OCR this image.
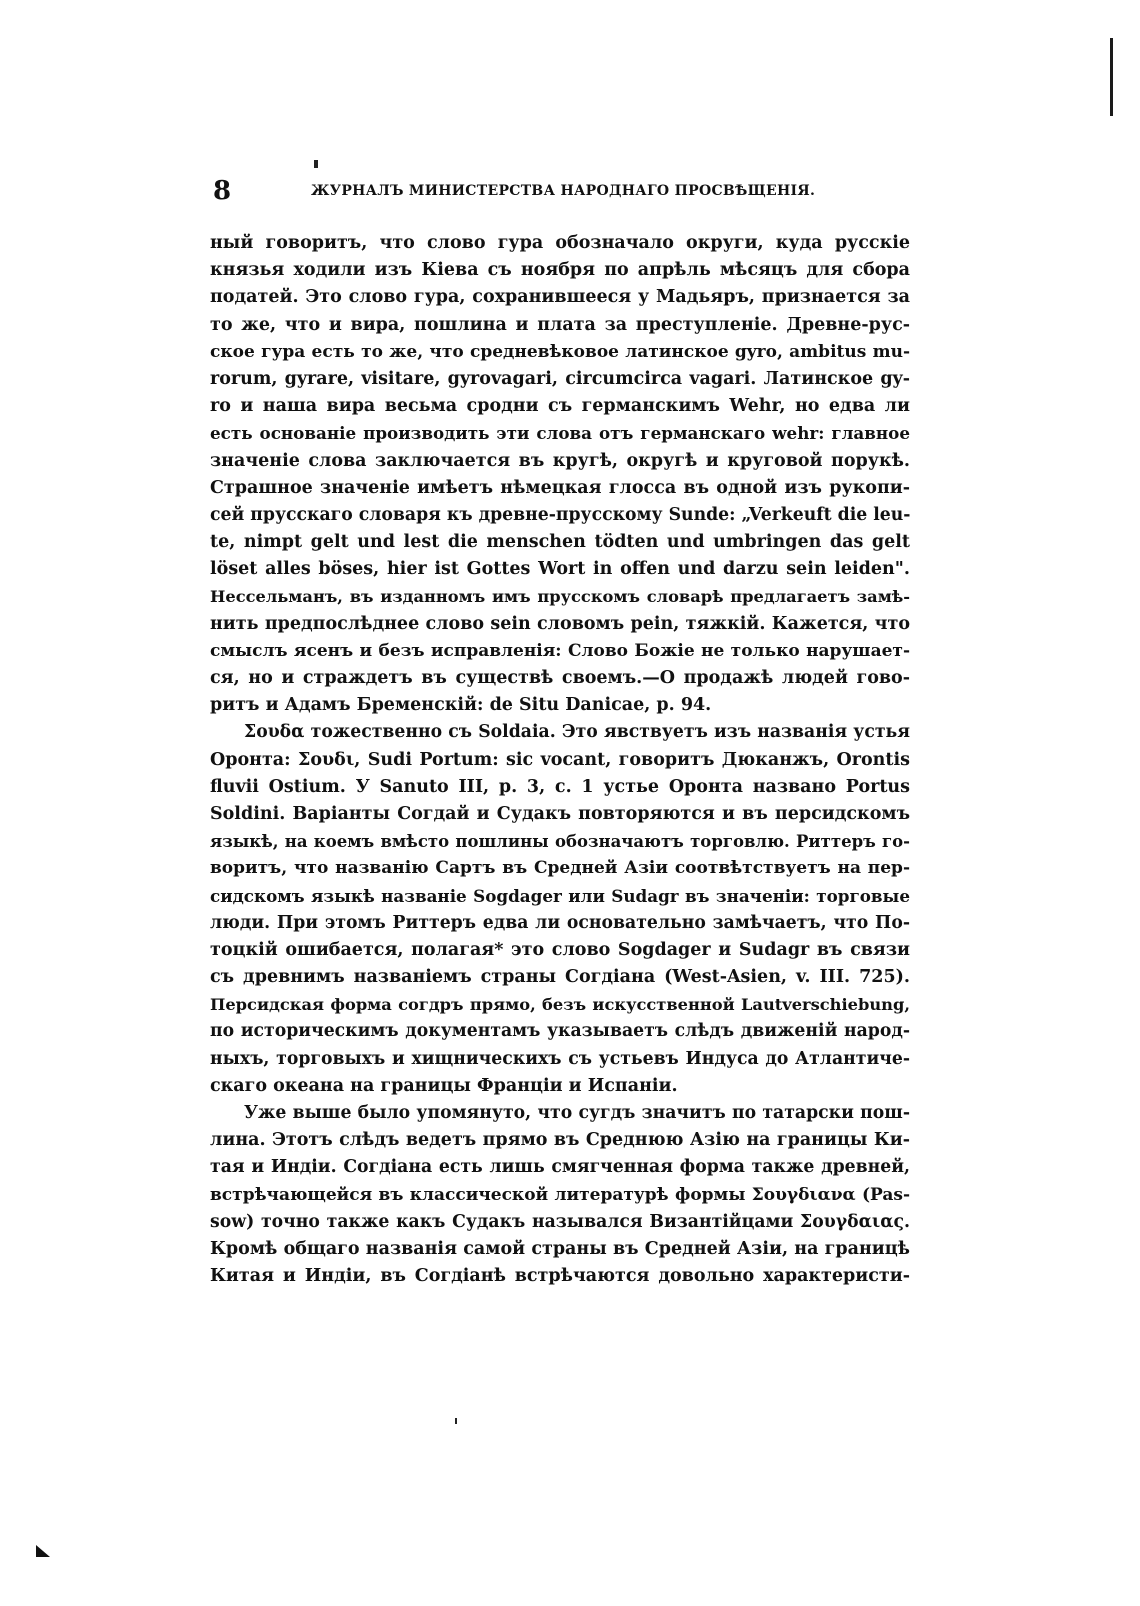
8	ЖУРНАЛЪ МИНИСТЕРСТВА НАРОДНАГО ПРОСВѢЩЕНІЯ.
ный говоритъ, что слово гура обозначало округи, куда русскіе
князья ходили изъ Кіева съ ноября по апрѣль мѣсяцъ для сбора
податей. Это слово гура, сохранившееся у Мадьяръ, признается за
то же, что и вира, пошлина и плата за преступленіе. Древне-рус-
ское гура есть то же, что средневѣковое латинское gyro, ambitus mu-
rorum, gyrare, visitare, gyrovagari, circumcirca vagari. Латинское gy-
ro и наша вира весьма сродни съ германскимъ Wehr, но едва ли
есть основаніе производить эти слова отъ германскаго wehr: главное
значеніе слова заключается въ кругѣ, округѣ и круговой порукѣ.
Страшное значеніе имѣетъ нѣмецкая глосса въ одной изъ рукопи-
сей прусскаго словаря къ древне-прусскому Sunde: „Verkeuft die leu-
te, nimpt gelt und lest die menschen tödten und umbringen das gelt
löset alles böses, hier ist Gottes Wort in offen und darzu sein leiden".
Нессельманъ, въ изданномъ имъ прусскомъ словарѣ предлагаетъ замѣ-
нить предпослѣднее слово sein словомъ pein, тяжкій. Кажется, что
смыслъ ясенъ и безъ исправленія: Слово Божіе не только нарушает-
ся, но и страждетъ въ существѣ своемъ.—О продажѣ людей гово-
ритъ и Адамъ Бременскій: de Situ Danicae, p. 94.
Σουδα тожественно съ Soldaia. Это явствуетъ изъ названія устья
Оронта: Σουδι, Sudi Portum: sic vocant, говоритъ Дюканжъ, Orontis
fluvii Ostium. У Sanuto III, p. 3, c. 1 устье Оронта названо Portus
Soldini. Варіанты Согдай и Судакъ повторяются и въ персидскомъ
языкѣ, на коемъ вмѣсто пошлины обозначаютъ торговлю. Риттеръ го-
воритъ, что названію Сартъ въ Средней Азіи соотвѣтствуетъ на пер-
сидскомъ языкѣ названіе Sogdager или Sudagr въ значеніи: торговые
люди. При этомъ Риттеръ едва ли основательно замѣчаетъ, что По-
тоцкій ошибается, полагая* это слово Sogdager и Sudagr въ связи
съ древнимъ названіемъ страны Согдіана (West-Asien, v. III. 725).
Персидская форма согдръ прямо, безъ искусственной Lautverschiebung,
по историческимъ документамъ указываетъ слѣдъ движеній народ-
ныхъ, торговыхъ и хищническихъ съ устьевъ Индуса до Атлантиче-
скаго океана на границы Франціи и Испаніи.
Уже выше было упомянуто, что сугдъ значитъ по татарски пош-
лина. Этотъ слѣдъ ведетъ прямо въ Среднюю Азію на границы Ки-
тая и Индіи. Согдіана есть лишь смягченная форма также древней,
встрѣчающейся въ классической литературѣ формы Σουγδιανα (Pas-
sow) точно также какъ Судакъ назывался Византійцами Σουγδαιας.
Кромѣ общаго названія самой страны въ Средней Азіи, на границѣ
Китая и Индіи, въ Согдіанѣ встрѣчаются довольно характеристи-
